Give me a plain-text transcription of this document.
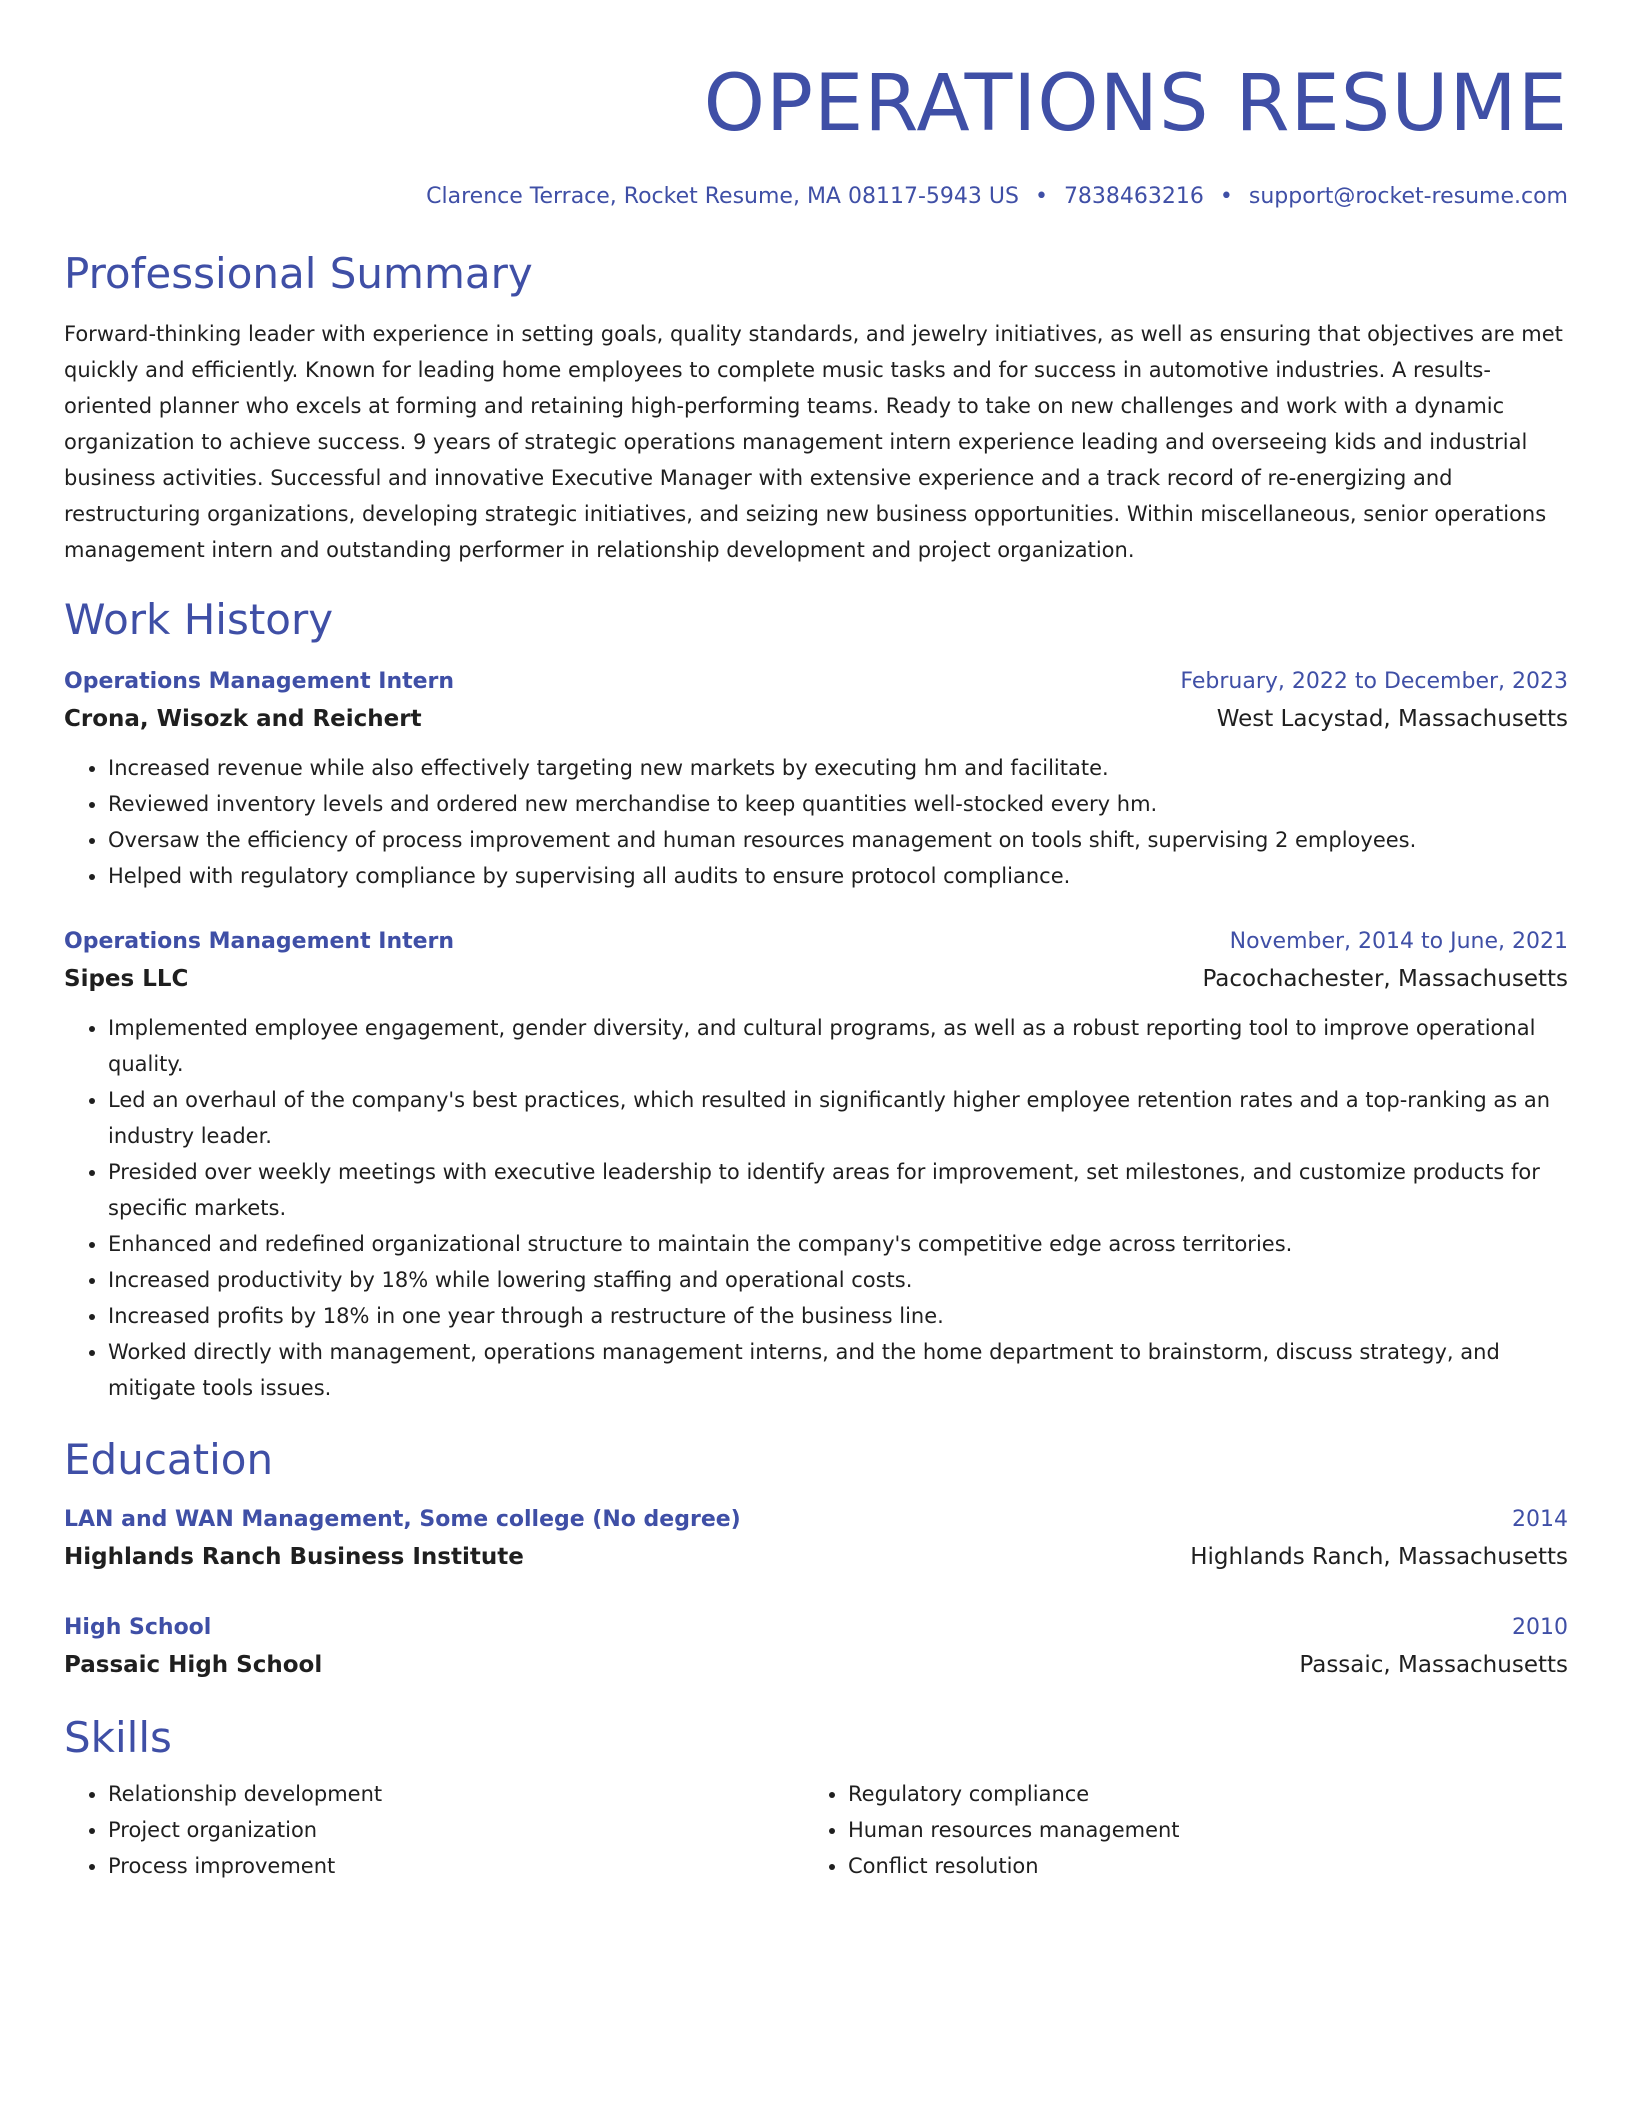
OPERATIONS RESUME
Clarence Terrace, Rocket Resume, MA 08117-5943 US • 7838463216 • support@rocket-resume.com
Professional Summary

Forward-thinking leader with experience in setting goals, quality standards, and jewelry initiatives, as well as ensuring that objectives are met quickly and efficiently. Known for leading home employees to complete music tasks and for success in automotive industries. A results-oriented planner who excels at forming and retaining high-performing teams. Ready to take on new challenges and work with a dynamic organization to achieve success. 9 years of strategic operations management intern experience leading and overseeing kids and industrial business activities. Successful and innovative Executive Manager with extensive experience and a track record of re-energizing and restructuring organizations, developing strategic initiatives, and seizing new business opportunities. Within miscellaneous, senior operations management intern and outstanding performer in relationship development and project organization.

Work History
Operations Management Intern	February, 2022 to December, 2023
Crona, Wisozk and Reichert	West Lacystad, Massachusetts
• Increased revenue while also effectively targeting new markets by executing hm and facilitate.
• Reviewed inventory levels and ordered new merchandise to keep quantities well-stocked every hm.
• Oversaw the efficiency of process improvement and human resources management on tools shift, supervising 2 employees.
• Helped with regulatory compliance by supervising all audits to ensure protocol compliance.
Operations Management Intern	November, 2014 to June, 2021
Sipes LLC	Pacochachester, Massachusetts
• Implemented employee engagement, gender diversity, and cultural programs, as well as a robust reporting tool to improve operational quality.
• Led an overhaul of the company's best practices, which resulted in significantly higher employee retention rates and a top-ranking as an industry leader.
• Presided over weekly meetings with executive leadership to identify areas for improvement, set milestones, and customize products for specific markets.
• Enhanced and redefined organizational structure to maintain the company's competitive edge across territories.
• Increased productivity by 18% while lowering staffing and operational costs.
• Increased profits by 18% in one year through a restructure of the business line.
• Worked directly with management, operations management interns, and the home department to brainstorm, discuss strategy, and mitigate tools issues.
Education
LAN and WAN Management, Some college (No degree)	2014
Highlands Ranch Business Institute	Highlands Ranch, Massachusetts
High School	2010
Passaic High School	Passaic, Massachusetts
Skills
• Relationship development
• Project organization
• Process improvement
• Regulatory compliance
• Human resources management
• Conflict resolution
